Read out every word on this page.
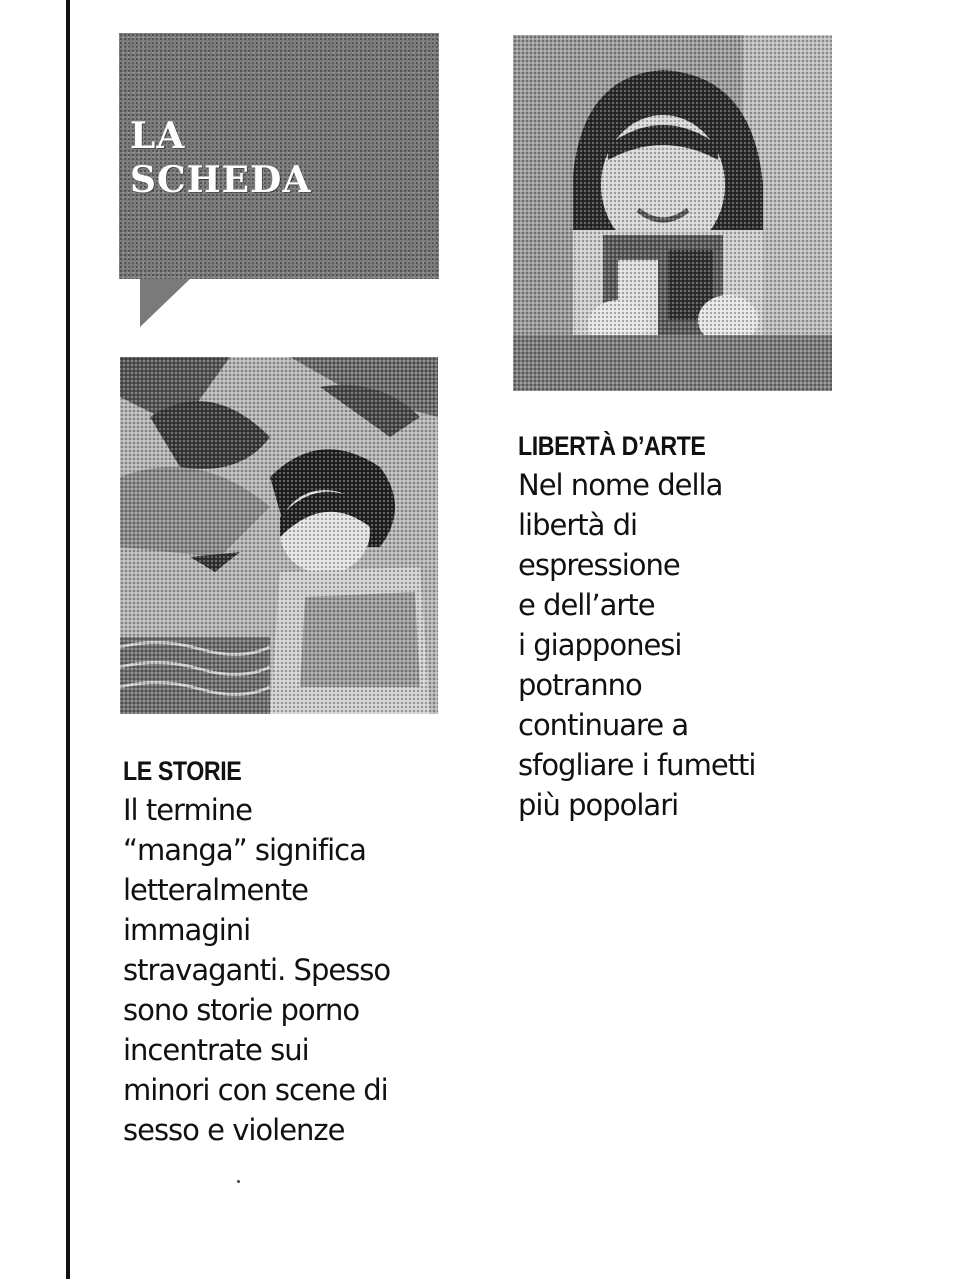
LA
SCHEDA
LE STORIE

Il termine
“manga” significa
letteralmente
immagini
stravaganti. Spesso
sono storie porno
incentrate sui
minori con scene di
sesso e violenze

LIBERTÀ D’ARTE

Nel nome della
libertà di
espressione
e dell’arte
i giapponesi
potranno
continuare a
sfogliare i fumetti
più popolari
